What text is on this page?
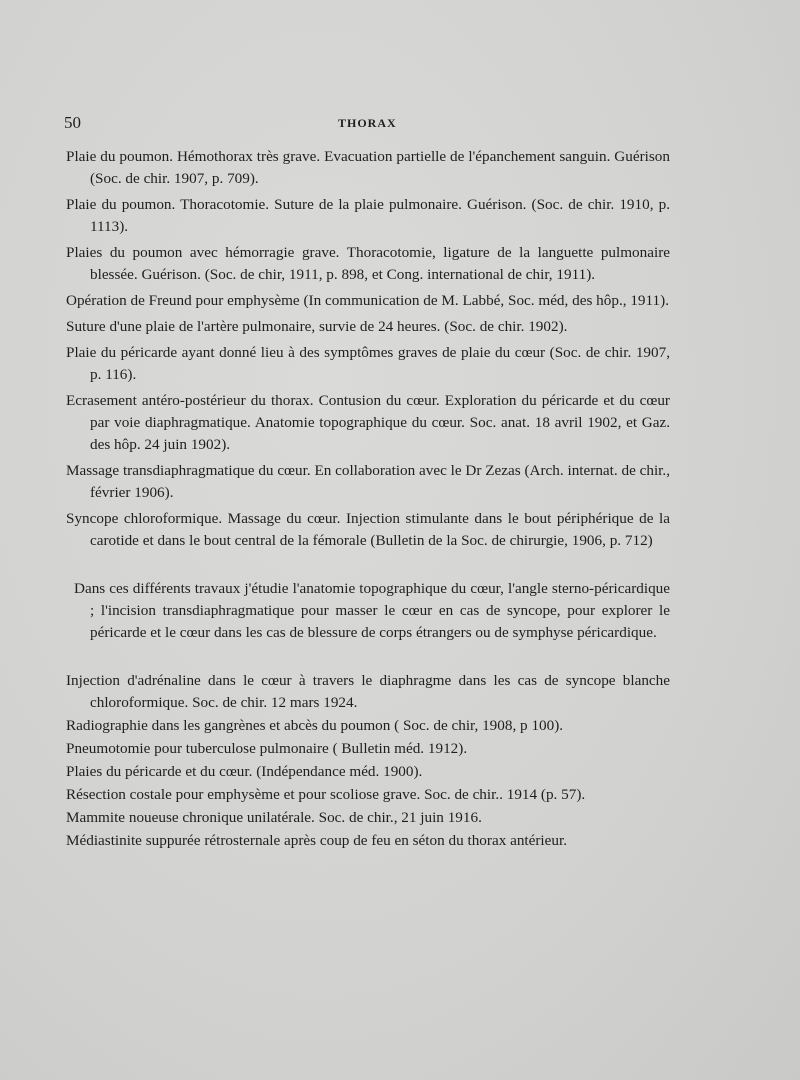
50	THORAX

Plaie du poumon. Hémothorax très grave. Evacuation partielle de l'épanchement sanguin. Guérison (Soc. de chir. 1907, p. 709).

Plaie du poumon. Thoracotomie. Suture de la plaie pulmonaire. Guérison. (Soc. de chir. 1910, p. 1113).

Plaies du poumon avec hémorragie grave. Thoracotomie, ligature de la languette pulmonaire blessée. Guérison. (Soc. de chir, 1911, p. 898, et Cong. international de chir, 1911).

Opération de Freund pour emphysème (In communication de M. Labbé, Soc. méd, des hôp., 1911).

Suture d'une plaie de l'artère pulmonaire, survie de 24 heures. (Soc. de chir. 1902).

Plaie du péricarde ayant donné lieu à des symptômes graves de plaie du cœur (Soc. de chir. 1907, p. 116).

Ecrasement antéro-postérieur du thorax. Contusion du cœur. Exploration du péricarde et du cœur par voie diaphragmatique. Anatomie topographique du cœur. Soc. anat. 18 avril 1902, et Gaz. des hôp. 24 juin 1902).

Massage transdiaphragmatique du cœur. En collaboration avec le Dr Zezas (Arch. internat. de chir., février 1906).

Syncope chloroformique. Massage du cœur. Injection stimulante dans le bout périphérique de la carotide et dans le bout central de la fémorale (Bulletin de la Soc. de chirurgie, 1906, p. 712)

Dans ces différents travaux j'étudie l'anatomie topographique du cœur, l'angle sterno-péricardique ; l'incision transdiaphragmatique pour masser le cœur en cas de syncope, pour explorer le péricarde et le cœur dans les cas de blessure de corps étrangers ou de symphyse péricardique.

Injection d'adrénaline dans le cœur à travers le diaphragme dans les cas de syncope blanche chloroformique. Soc. de chir. 12 mars 1924.

Radiographie dans les gangrènes et abcès du poumon ( Soc. de chir, 1908, p 100).

Pneumotomie pour tuberculose pulmonaire ( Bulletin méd. 1912).

Plaies du péricarde et du cœur. (Indépendance méd. 1900).

Résection costale pour emphysème et pour scoliose grave. Soc. de chir.. 1914 (p. 57).

Mammite noueuse chronique unilatérale. Soc. de chir., 21 juin 1916.

Médiastinite suppurée rétrosternale après coup de feu en séton du thorax antérieur.
